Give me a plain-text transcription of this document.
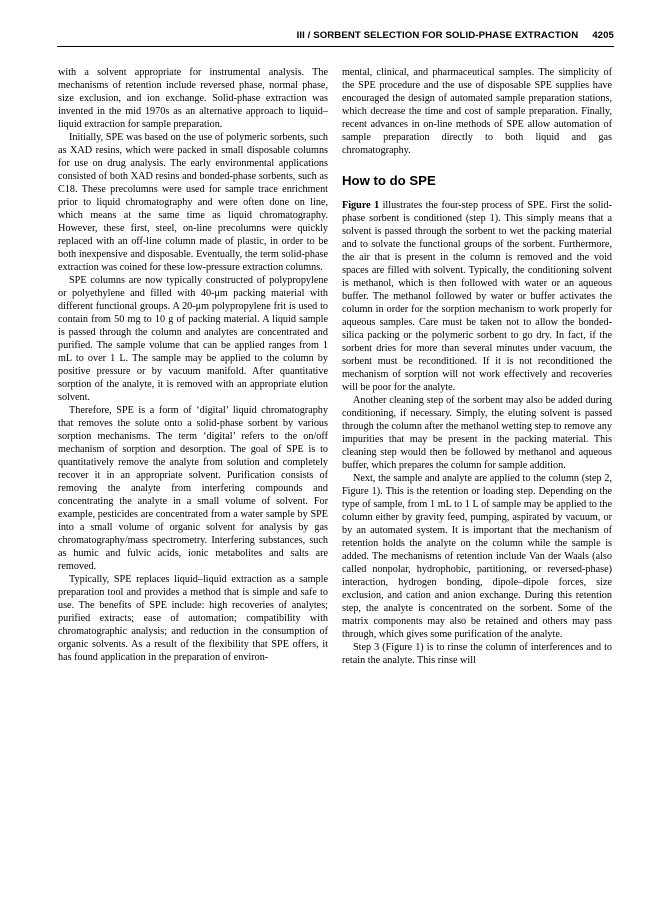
III / SORBENT SELECTION FOR SOLID-PHASE EXTRACTION 4205

with a solvent appropriate for instrumental analysis. The mechanisms of retention include reversed phase, normal phase, size exclusion, and ion exchange. Solid-phase extraction was invented in the mid 1970s as an alternative approach to liquid–liquid extraction for sample preparation.

Initially, SPE was based on the use of polymeric sorbents, such as XAD resins, which were packed in small disposable columns for use on drug analysis. The early environmental applications consisted of both XAD resins and bonded-phase sorbents, such as C18. These precolumns were used for sample trace enrichment prior to liquid chromatography and were often done on line, which means at the same time as liquid chromatography. However, these first, steel, on-line precolumns were quickly replaced with an off-line column made of plastic, in order to be both inexpensive and disposable. Eventually, the term solid-phase extraction was coined for these low-pressure extraction columns.

SPE columns are now typically constructed of polypropylene or polyethylene and filled with 40-μm packing material with different functional groups. A 20-μm polypropylene frit is used to contain from 50 mg to 10 g of packing material. A liquid sample is passed through the column and analytes are concentrated and purified. The sample volume that can be applied ranges from 1 mL to over 1 L. The sample may be applied to the column by positive pressure or by vacuum manifold. After quantitative sorption of the analyte, it is removed with an appropriate elution solvent.

Therefore, SPE is a form of ‘digital’ liquid chromatography that removes the solute onto a solid-phase sorbent by various sorption mechanisms. The term ‘digital’ refers to the on/off mechanism of sorption and desorption. The goal of SPE is to quantitatively remove the analyte from solution and completely recover it in an appropriate solvent. Purification consists of removing the analyte from interfering compounds and concentrating the analyte in a small volume of solvent. For example, pesticides are concentrated from a water sample by SPE into a small volume of organic solvent for analysis by gas chromatography/mass spectrometry. Interfering substances, such as humic and fulvic acids, ionic metabolites and salts are removed.

Typically, SPE replaces liquid–liquid extraction as a sample preparation tool and provides a method that is simple and safe to use. The benefits of SPE include: high recoveries of analytes; purified extracts; ease of automation; compatibility with chromatographic analysis; and reduction in the consumption of organic solvents. As a result of the flexibility that SPE offers, it has found application in the preparation of environ-

mental, clinical, and pharmaceutical samples. The simplicity of the SPE procedure and the use of disposable SPE supplies have encouraged the design of automated sample preparation stations, which decrease the time and cost of sample preparation. Finally, recent advances in on-line methods of SPE allow automation of sample preparation directly to both liquid and gas chromatography.

How to do SPE

Figure 1 illustrates the four-step process of SPE. First the solid-phase sorbent is conditioned (step 1). This simply means that a solvent is passed through the sorbent to wet the packing material and to solvate the functional groups of the sorbent. Furthermore, the air that is present in the column is removed and the void spaces are filled with solvent. Typically, the conditioning solvent is methanol, which is then followed with water or an aqueous buffer. The methanol followed by water or buffer activates the column in order for the sorption mechanism to work properly for aqueous samples. Care must be taken not to allow the bonded-silica packing or the polymeric sorbent to go dry. In fact, if the sorbent dries for more than several minutes under vacuum, the sorbent must be reconditioned. If it is not reconditioned the mechanism of sorption will not work effectively and recoveries will be poor for the analyte.

Another cleaning step of the sorbent may also be added during conditioning, if necessary. Simply, the eluting solvent is passed through the column after the methanol wetting step to remove any impurities that may be present in the packing material. This cleaning step would then be followed by methanol and aqueous buffer, which prepares the column for sample addition.

Next, the sample and analyte are applied to the column (step 2, Figure 1). This is the retention or loading step. Depending on the type of sample, from 1 mL to 1 L of sample may be applied to the column either by gravity feed, pumping, aspirated by vacuum, or by an automated system. It is important that the mechanism of retention holds the analyte on the column while the sample is added. The mechanisms of retention include Van der Waals (also called nonpolar, hydrophobic, partitioning, or reversed-phase) interaction, hydrogen bonding, dipole–dipole forces, size exclusion, and cation and anion exchange. During this retention step, the analyte is concentrated on the sorbent. Some of the matrix components may also be retained and others may pass through, which gives some purification of the analyte.

Step 3 (Figure 1) is to rinse the column of interferences and to retain the analyte. This rinse will
